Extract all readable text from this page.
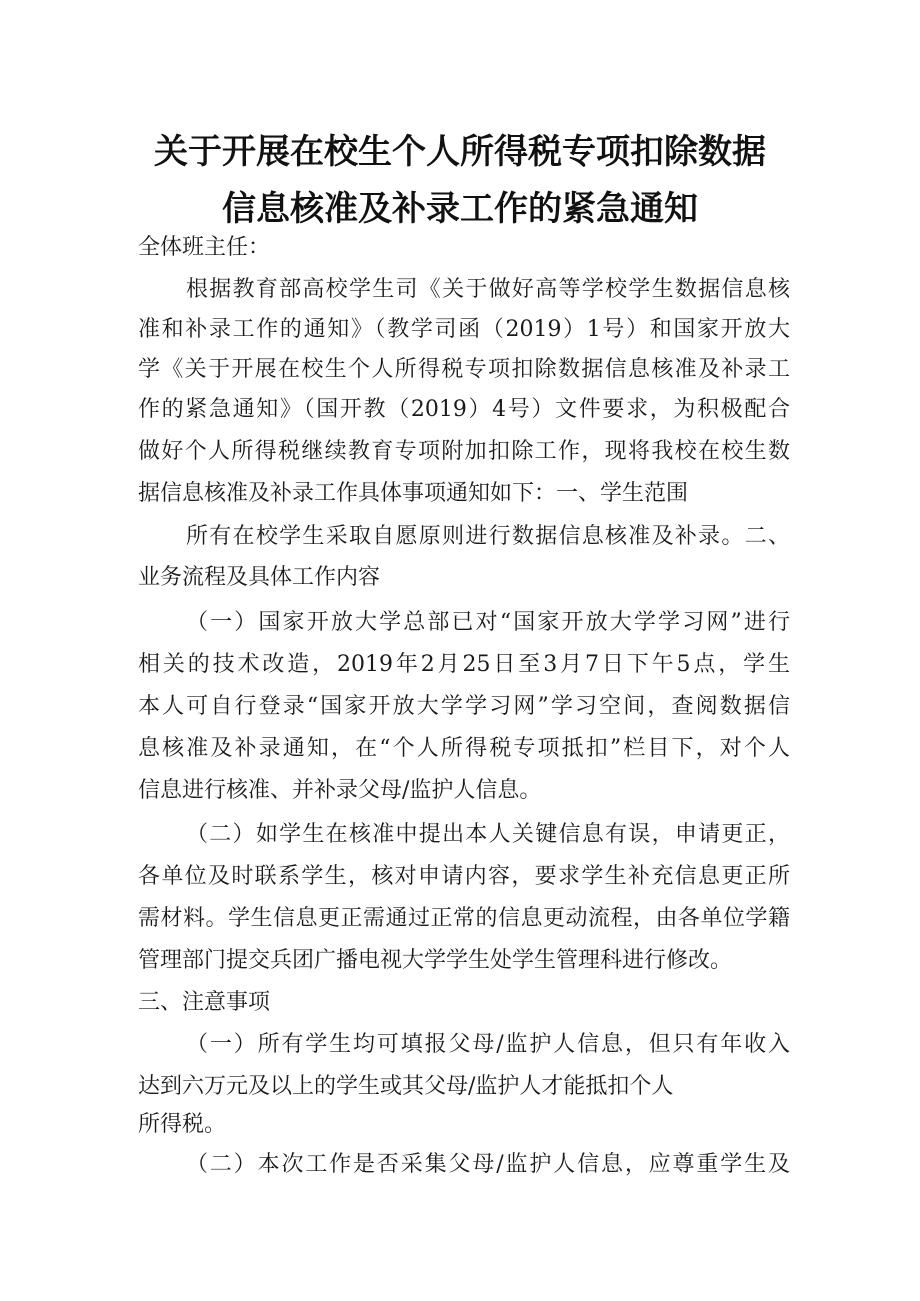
关于开展在校生个人所得税专项扣除数据
信息核准及补录工作的紧急通知
全体班主任：
根据教育部高校学生司《关于做好高等学校学生数据信息核
准和补录工作的通知》（教学司函（2019）1号）和国家开放大
学《关于开展在校生个人所得税专项扣除数据信息核准及补录工
作的紧急通知》（国开教（2019）4号）文件要求，为积极配合
做好个人所得税继续教育专项附加扣除工作，现将我校在校生数
据信息核准及补录工作具体事项通知如下：一、学生范围
所有在校学生采取自愿原则进行数据信息核准及补录。二、
业务流程及具体工作内容
（一）国家开放大学总部已对“国家开放大学学习网”进行
相关的技术改造，2019年2月25日至3月7日下午5点，学生
本人可自行登录“国家开放大学学习网”学习空间，查阅数据信
息核准及补录通知，在“个人所得税专项抵扣”栏目下，对个人
信息进行核准、并补录父母/监护人信息。
（二）如学生在核准中提出本人关键信息有误，申请更正，
各单位及时联系学生，核对申请内容，要求学生补充信息更正所
需材料。学生信息更正需通过正常的信息更动流程，由各单位学籍
管理部门提交兵团广播电视大学学生处学生管理科进行修改。
三、注意事项
（一）所有学生均可填报父母/监护人信息，但只有年收入
达到六万元及以上的学生或其父母/监护人才能抵扣个人
所得税。
（二）本次工作是否采集父母/监护人信息，应尊重学生及
